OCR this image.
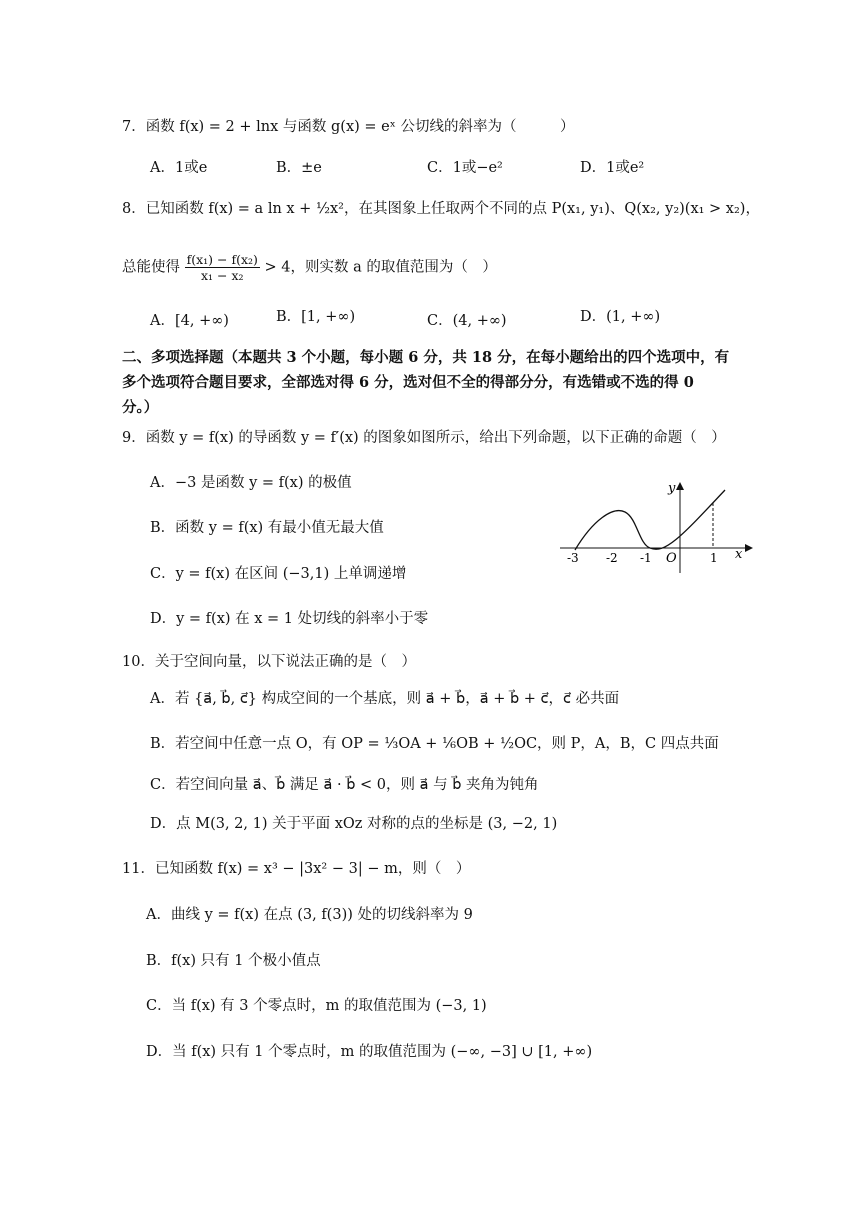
7．函数 f(x) = 2 + lnx 与函数 g(x) = eˣ 公切线的斜率为（　　　）
A．1或e	B．±e	C．1或−e²	D．1或e²
8．已知函数 f(x) = a ln x + ½x²，在其图象上任取两个不同的点 P(x₁, y₁)、Q(x₂, y₂)(x₁ > x₂)，
总能使得 $\frac{\text{f(x₁) − f(x₂)}}{\text{x₁ − x₂}} > 4$，则实数 a 的取值范围为（　）
A．[4, +∞)	B．[1, +∞)	C．(4, +∞)	D．(1, +∞)
二、多项选择题（本题共 3 个小题，每小题 6 分，共 18 分，在每小题给出的四个选项中，有
多个选项符合题目要求，全部选对得 6 分，选对但不全的得部分分，有选错或不选的得 0
分。）
9．函数 y = f(x) 的导函数 y = f′(x) 的图象如图所示，给出下列命题，以下正确的命题（　）
A．−3 是函数 y = f(x) 的极值
B．函数 y = f(x) 有最小值无最大值
C．y = f(x) 在区间 (−3,1) 上单调递增
D．y = f(x) 在 x = 1 处切线的斜率小于零
y
x
O
-3 -2 -1	1
10．关于空间向量，以下说法正确的是（　）
A．若 {a⃗, b⃗, c⃗} 构成空间的一个基底，则 a⃗ + b⃗，a⃗ + b⃗ + c⃗，c⃗ 必共面
B．若空间中任意一点 O，有 OP = ⅓OA + ⅙OB + ½OC，则 P，A，B，C 四点共面
C．若空间向量 a⃗、b⃗ 满足 a⃗ · b⃗ < 0，则 a⃗ 与 b⃗ 夹角为钝角
D．点 M(3, 2, 1) 关于平面 xOz 对称的点的坐标是 (3, −2, 1)
11．已知函数 f(x) = x³ − |3x² − 3| − m，则（　）
A．曲线 y = f(x) 在点 (3, f(3)) 处的切线斜率为 9
B．f(x) 只有 1 个极小值点
C．当 f(x) 有 3 个零点时，m 的取值范围为 (−3, 1)
D．当 f(x) 只有 1 个零点时，m 的取值范围为 (−∞, −3] ∪ [1, +∞)
